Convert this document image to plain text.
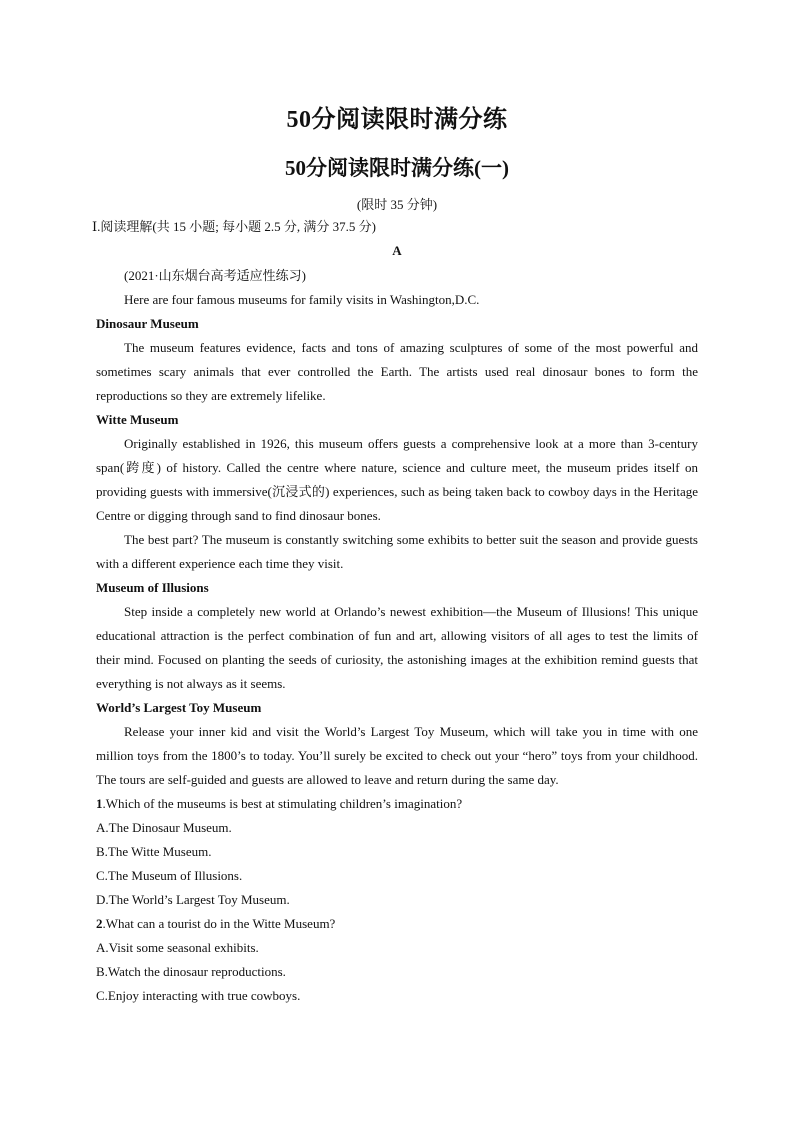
50分阅读限时满分练
50分阅读限时满分练(一)
(限时 35 分钟)
Ⅰ.阅读理解(共 15 小题; 每小题 2.5 分, 满分 37.5 分)
A
(2021·山东烟台高考适应性练习)

Here are four famous museums for family visits in Washington,D.C.

Dinosaur Museum

The museum features evidence, facts and tons of amazing sculptures of some of the most powerful and sometimes scary animals that ever controlled the Earth. The artists used real dinosaur bones to form the reproductions so they are extremely lifelike.

Witte Museum

Originally established in 1926, this museum offers guests a comprehensive look at a more than 3-century span(跨度) of history. Called the centre where nature, science and culture meet, the museum prides itself on providing guests with immersive(沉浸式的) experiences, such as being taken back to cowboy days in the Heritage Centre or digging through sand to find dinosaur bones.

The best part? The museum is constantly switching some exhibits to better suit the season and provide guests with a different experience each time they visit.

Museum of Illusions

Step inside a completely new world at Orlando’s newest exhibition—the Museum of Illusions! This unique educational attraction is the perfect combination of fun and art, allowing visitors of all ages to test the limits of their mind. Focused on planting the seeds of curiosity, the astonishing images at the exhibition remind guests that everything is not always as it seems.

World’s Largest Toy Museum

Release your inner kid and visit the World’s Largest Toy Museum, which will take you in time with one million toys from the 1800’s to today. You’ll surely be excited to check out your “hero” toys from your childhood. The tours are self-guided and guests are allowed to leave and return during the same day.

1.Which of the museums is best at stimulating children’s imagination?

A.The Dinosaur Museum.

B.The Witte Museum.

C.The Museum of Illusions.

D.The World’s Largest Toy Museum.

2.What can a tourist do in the Witte Museum?

A.Visit some seasonal exhibits.

B.Watch the dinosaur reproductions.

C.Enjoy interacting with true cowboys.
